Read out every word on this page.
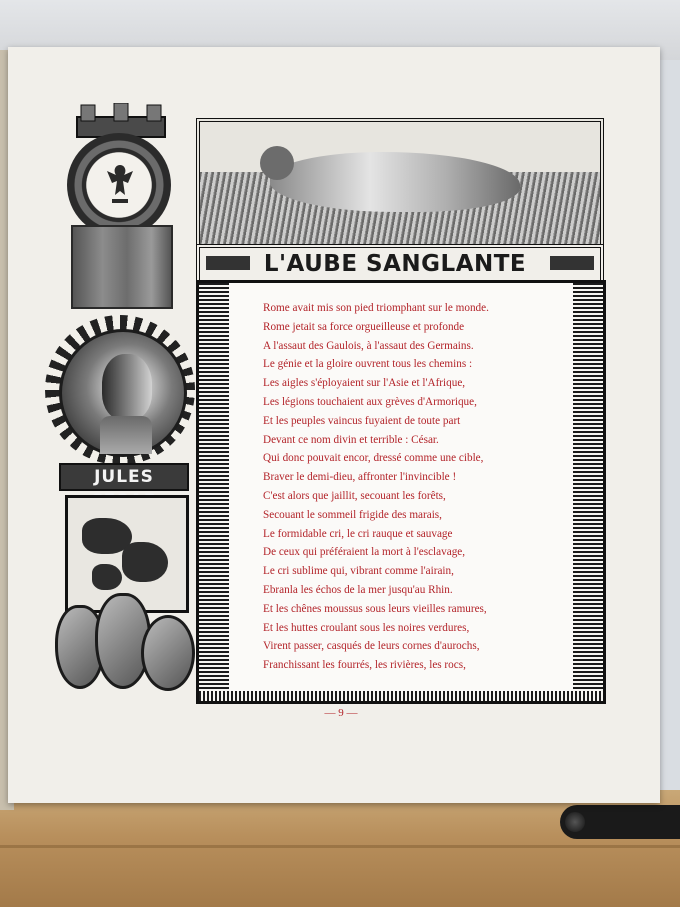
JULES
L'AUBE SANGLANTE
Rome avait mis son pied triomphant sur le monde.
Rome jetait sa force orgueilleuse et profonde
A l'assaut des Gaulois, à l'assaut des Germains.
Le génie et la gloire ouvrent tous les chemins :
Les aigles s'éployaient sur l'Asie et l'Afrique,
Les légions touchaient aux grèves d'Armorique,
Et les peuples vaincus fuyaient de toute part
Devant ce nom divin et terrible : César.
Qui donc pouvait encor, dressé comme une cible,
Braver le demi-dieu, affronter l'invincible !
C'est alors que jaillit, secouant les forêts,
Secouant le sommeil frigide des marais,
Le formidable cri, le cri rauque et sauvage
De ceux qui préféraient la mort à l'esclavage,
Le cri sublime qui, vibrant comme l'airain,
Ebranla les échos de la mer jusqu'au Rhin.
Et les chênes moussus sous leurs vieilles ramures,
Et les huttes croulant sous les noires verdures,
Virent passer, casqués de leurs cornes d'aurochs,
Franchissant les fourrés, les rivières, les rocs,
— 9 —
